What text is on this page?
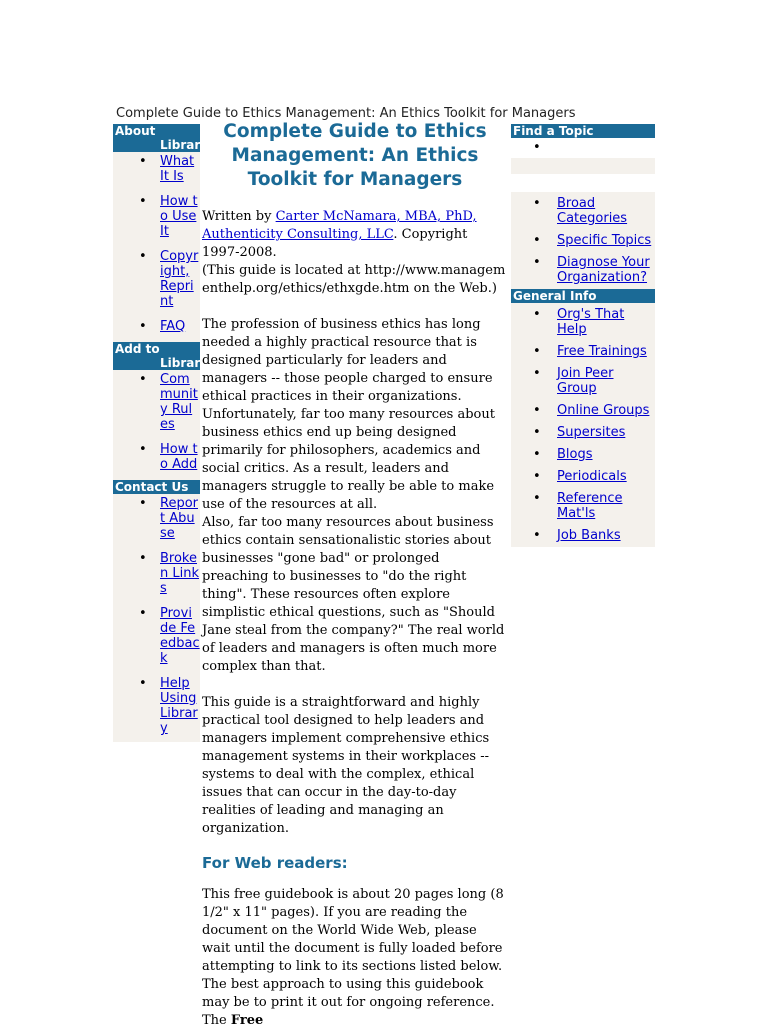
Complete Guide to Ethics Management: An Ethics Toolkit for Managers
About
Library
• What It Is
• How to Use It
• Copyright, Reprint
• FAQ
Add to
Library
• Community Rules
• How to Add
Contact Us
• Report Abuse
• Broken Links
• Provide Feedback
• Help Using Library
Complete Guide to Ethics Management: An Ethics Toolkit for Managers

Written by Carter McNamara, MBA, PhD, Authenticity Consulting, LLC. Copyright 1997-2008.

(This guide is located at http://www.managementhelp.org/ethics/ethxgde.htm on the Web.)

The profession of business ethics has long needed a highly practical resource that is designed particularly for leaders and managers -- those people charged to ensure ethical practices in their organizations. Unfortunately, far too many resources about business ethics end up being designed primarily for philosophers, academics and social critics. As a result, leaders and managers struggle to really be able to make use of the resources at all.

Also, far too many resources about business ethics contain sensationalistic stories about businesses "gone bad" or prolonged preaching to businesses to "do the right thing". These resources often explore simplistic ethical questions, such as "Should Jane steal from the company?" The real world of leaders and managers is often much more complex than that.

This guide is a straightforward and highly practical tool designed to help leaders and managers implement comprehensive ethics management systems in their workplaces -- systems to deal with the complex, ethical issues that can occur in the day-to-day realities of leading and managing an organization.

For Web readers:

This free guidebook is about 20 pages long (8 1/2" x 11" pages). If you are reading the document on the World Wide Web, please wait until the document is fully loaded before attempting to link to its sections listed below. The best approach to using this guidebook may be to print it out for ongoing reference. The Free

Find a Topic
•
• Broad Categories
• Specific Topics
• Diagnose Your Organization?
General Info
• Org's That Help
• Free Trainings
• Join Peer Group
• Online Groups
• Supersites
• Blogs
• Periodicals
• Reference Mat'ls
• Job Banks
